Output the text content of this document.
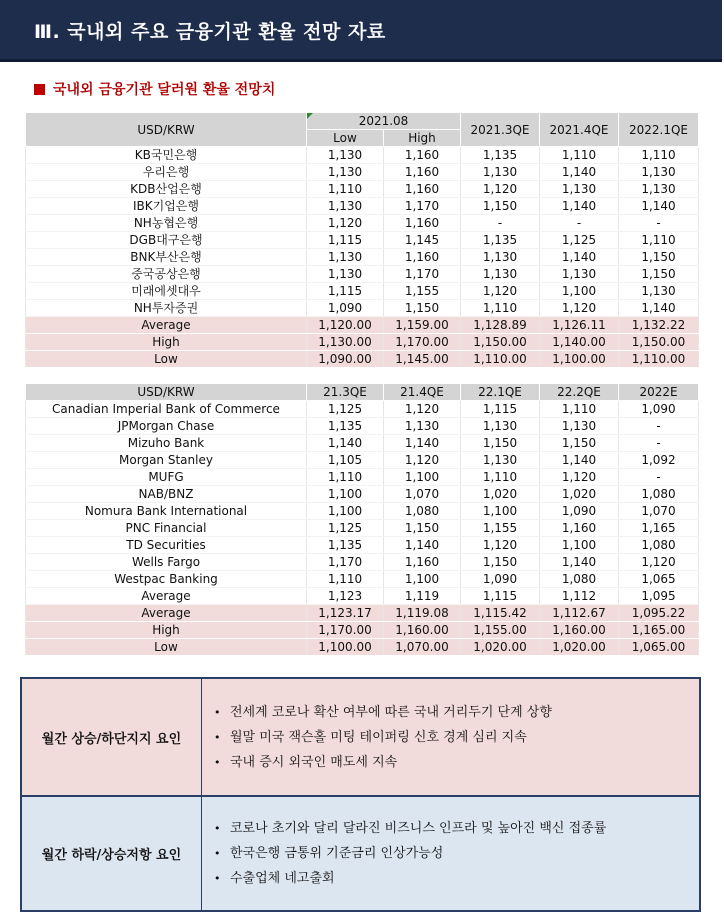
Ⅲ. 국내외 주요 금융기관 환율 전망 자료
국내외 금융기관 달러원 환율 전망치
USD/KRW	2021.08		2021.3QE	2021.4QE	2022.1QE
	Low	High			
KB국민은행	1,130	1,160	1,135	1,110	1,110
우리은행	1,130	1,160	1,130	1,140	1,130
KDB산업은행	1,110	1,160	1,120	1,130	1,130
IBK기업은행	1,130	1,170	1,150	1,140	1,140
NH농협은행	1,120	1,160	-	-	-
DGB대구은행	1,115	1,145	1,135	1,125	1,110
BNK부산은행	1,130	1,160	1,130	1,140	1,150
중국공상은행	1,130	1,170	1,130	1,130	1,150
미래에셋대우	1,115	1,155	1,120	1,100	1,130
NH투자증권	1,090	1,150	1,110	1,120	1,140
Average	1,120.00	1,159.00	1,128.89	1,126.11	1,132.22
High	1,130.00	1,170.00	1,150.00	1,140.00	1,150.00
Low	1,090.00	1,145.00	1,110.00	1,100.00	1,110.00
USD/KRW	21.3QE	21.4QE	22.1QE	22.2QE	2022E
Canadian Imperial Bank of Commerce	1,125	1,120	1,115	1,110	1,090
JPMorgan Chase	1,135	1,130	1,130	1,130	-
Mizuho Bank	1,140	1,140	1,150	1,150	-
Morgan Stanley	1,105	1,120	1,130	1,140	1,092
MUFG	1,110	1,100	1,110	1,120	-
NAB/BNZ	1,100	1,070	1,020	1,020	1,080
Nomura Bank International	1,100	1,080	1,100	1,090	1,070
PNC Financial	1,125	1,150	1,155	1,160	1,165
TD Securities	1,135	1,140	1,120	1,100	1,080
Wells Fargo	1,170	1,160	1,150	1,140	1,120
Westpac Banking	1,110	1,100	1,090	1,080	1,065
Average	1,123	1,119	1,115	1,112	1,095
Average	1,123.17	1,119.08	1,115.42	1,112.67	1,095.22
High	1,170.00	1,160.00	1,155.00	1,160.00	1,165.00
Low	1,100.00	1,070.00	1,020.00	1,020.00	1,065.00
월간 상승/하단지지 요인
• 전세계 코로나 확산 여부에 따른 국내 거리두기 단계 상향
• 월말 미국 잭슨홀 미팅 테이퍼링 신호 경계 심리 지속
• 국내 증시 외국인 매도세 지속
월간 하락/상승저항 요인
• 코로나 초기와 달리 달라진 비즈니스 인프라 및 높아진 백신 접종률
• 한국은행 금통위 기준금리 인상가능성
• 수출업체 네고출회
